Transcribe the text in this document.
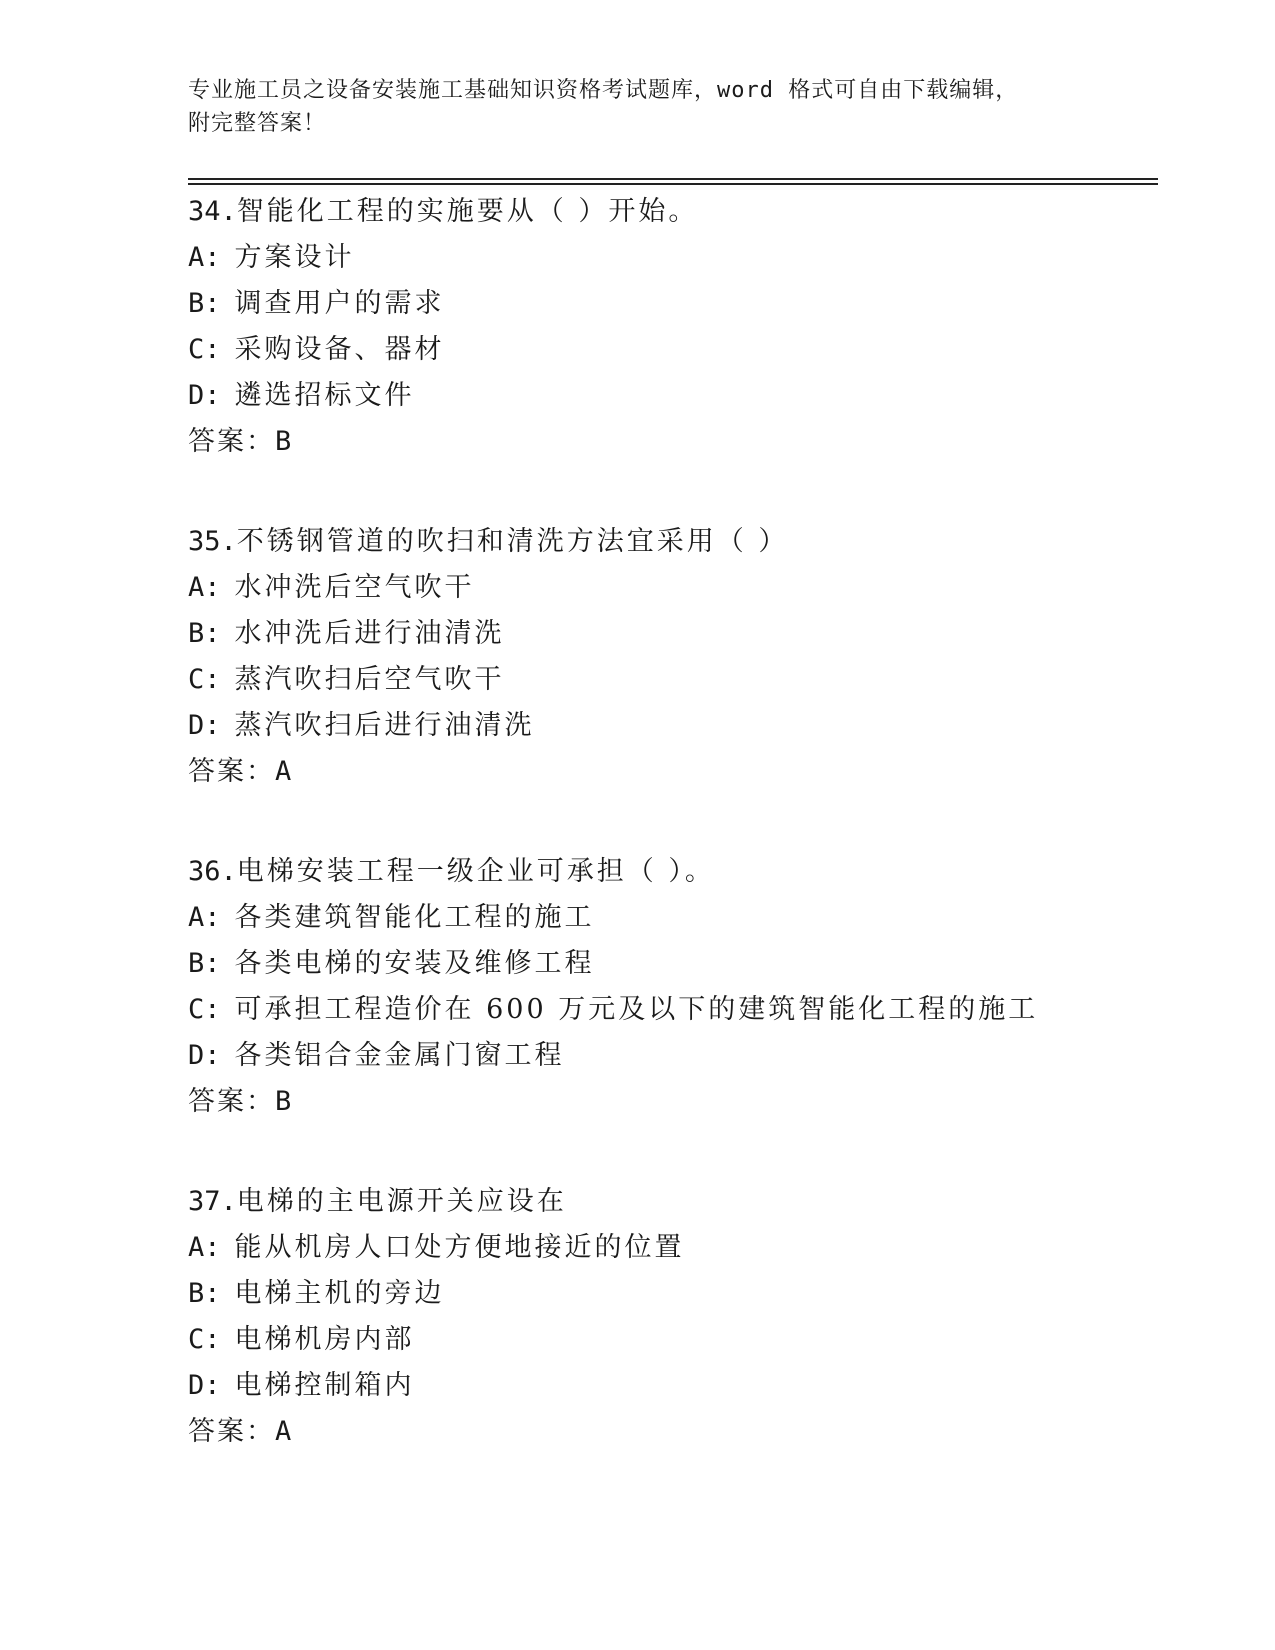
专业施工员之设备安装施工基础知识资格考试题库，word 格式可自由下载编辑，
附完整答案！
34.智能化工程的实施要从（ ）开始。
A: 方案设计
B: 调查用户的需求
C: 采购设备、器材
D: 遴选招标文件
答案：B
35.不锈钢管道的吹扫和清洗方法宜采用（ ）
A: 水冲洗后空气吹干
B: 水冲洗后进行油清洗
C: 蒸汽吹扫后空气吹干
D: 蒸汽吹扫后进行油清洗
答案：A
36.电梯安装工程一级企业可承担（ ）。
A: 各类建筑智能化工程的施工
B: 各类电梯的安装及维修工程
C: 可承担工程造价在 600 万元及以下的建筑智能化工程的施工
D: 各类铝合金金属门窗工程
答案：B
37.电梯的主电源开关应设在
A: 能从机房人口处方便地接近的位置
B: 电梯主机的旁边
C: 电梯机房内部
D: 电梯控制箱内
答案：A
